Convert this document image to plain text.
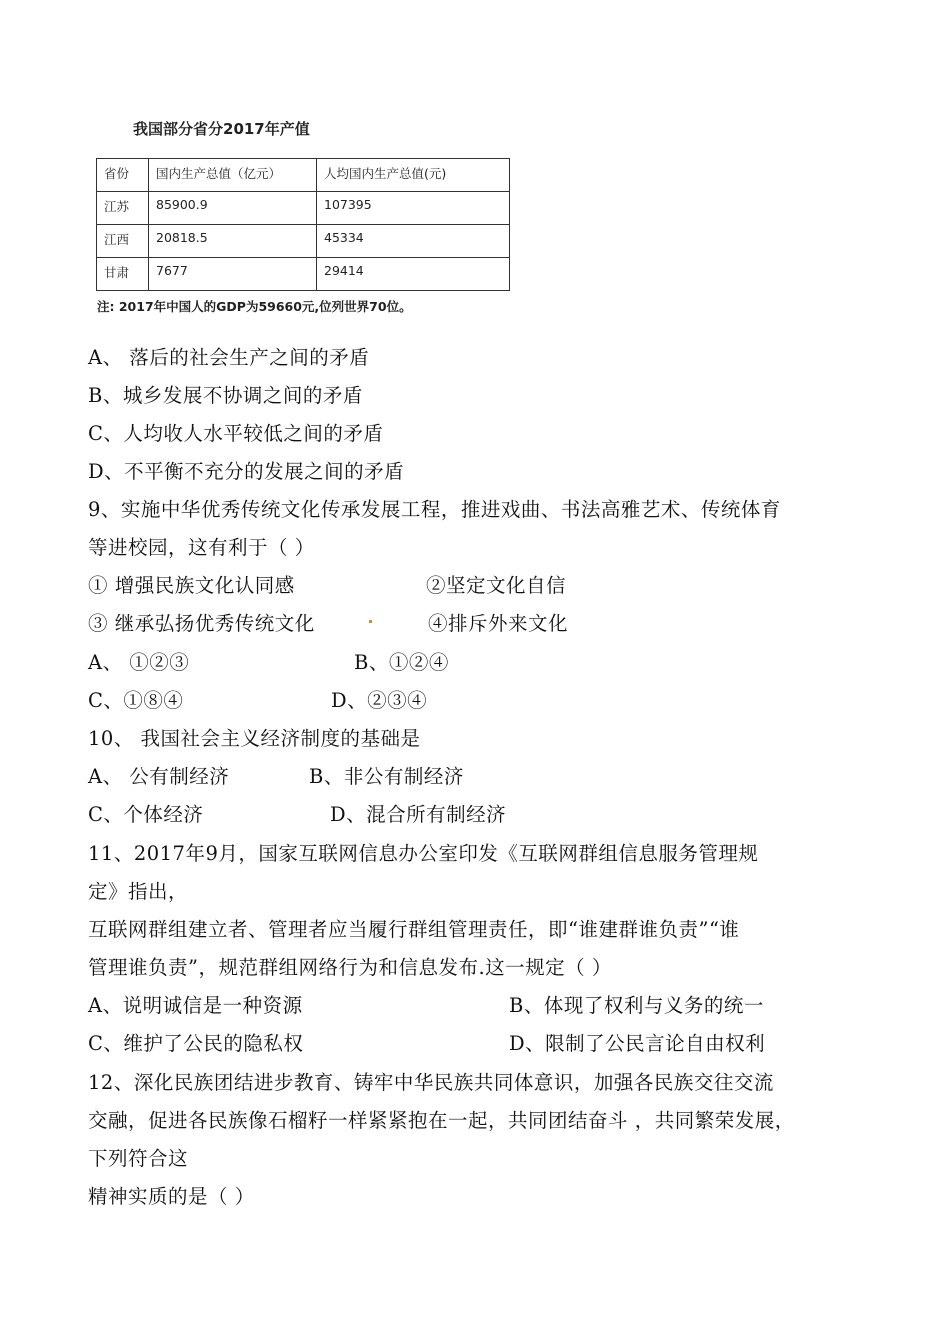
我国部分省分2017年产值
省份	国内生产总值（亿元）	人均国内生产总值(元)
江苏	85900.9	107395
江西	20818.5	45334
甘肃	7677	29414
注: 2017年中国人的GDP为59660元,位列世界70位。
A、 落后的社会生产之间的矛盾
B、城乡发展不协调之间的矛盾
C、人均收人水平较低之间的矛盾
D、不平衡不充分的发展之间的矛盾
9、实施中华优秀传统文化传承发展工程，推进戏曲、书法高雅艺术、传统体育
等进校园，这有利于（ ）
① 增强民族文化认同感	②坚定文化自信
③ 继承弘扬优秀传统文化	④排斥外来文化
A、 ①②③	B、①②④
C、①⑧④	D、②③④
10、 我国社会主义经济制度的基础是
A、 公有制经济	B、非公有制经济
C、个体经济	D、混合所有制经济
11、2017年9月，国家互联网信息办公室印发《互联网群组信息服务管理规
定》指出，
互联网群组建立者、管理者应当履行群组管理责任，即“谁建群谁负责”“谁
管理谁负责”，规范群组网络行为和信息发布.这一规定（ ）
A、说明诚信是一种资源	B、体现了权利与义务的统一
C、维护了公民的隐私权	D、限制了公民言论自由权利
12、深化民族团结进步教育、铸牢中华民族共同体意识，加强各民族交往交流
交融，促进各民族像石榴籽一样紧紧抱在一起，共同团结奋斗 ，共同繁荣发展，
下列符合这
精神实质的是（ ）
